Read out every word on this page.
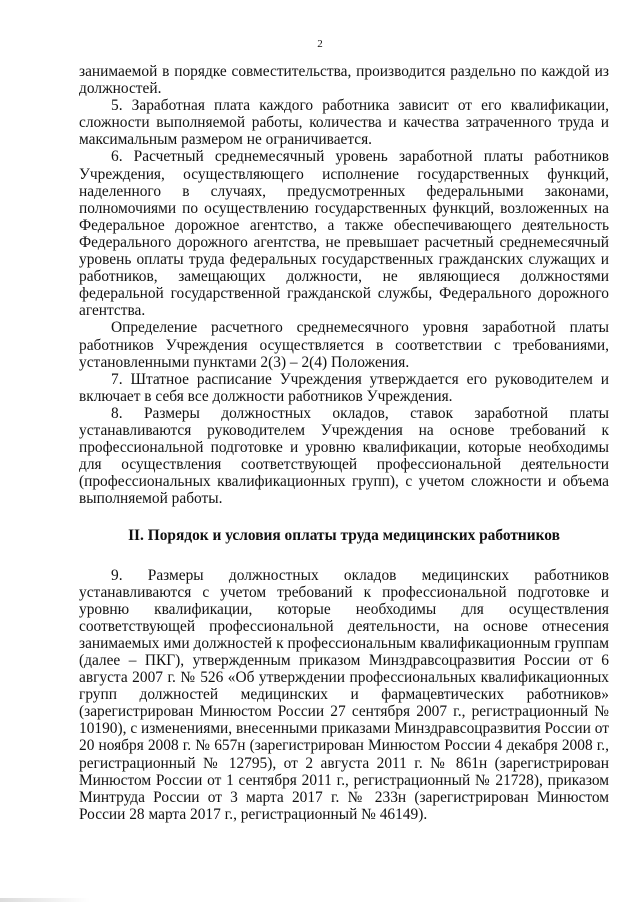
2

занимаемой в порядке совместительства, производится раздельно по каждой из должностей.

5. Заработная плата каждого работника зависит от его квалификации, сложности выполняемой работы, количества и качества затраченного труда и максимальным размером не ограничивается.

6. Расчетный среднемесячный уровень заработной платы работников Учреждения, осуществляющего исполнение государственных функций, наделенного в случаях, предусмотренных федеральными законами, полномочиями по осуществлению государственных функций, возложенных на Федеральное дорожное агентство, а также обеспечивающего деятельность Федерального дорожного агентства, не превышает расчетный среднемесячный уровень оплаты труда федеральных государственных гражданских служащих и работников, замещающих должности, не являющиеся должностями федеральной государственной гражданской службы, Федерального дорожного агентства.

Определение расчетного среднемесячного уровня заработной платы работников Учреждения осуществляется в соответствии с требованиями, установленными пунктами 2(3) – 2(4) Положения.

7. Штатное расписание Учреждения утверждается его руководителем и включает в себя все должности работников Учреждения.

8. Размеры должностных окладов, ставок заработной платы устанавливаются руководителем Учреждения на основе требований к профессиональной подготовке и уровню квалификации, которые необходимы для осуществления соответствующей профессиональной деятельности (профессиональных квалификационных групп), с учетом сложности и объема выполняемой работы.

II. Порядок и условия оплаты труда медицинских работников

9. Размеры должностных окладов медицинских работников устанавливаются с учетом требований к профессиональной подготовке и уровню квалификации, которые необходимы для осуществления соответствующей профессиональной деятельности, на основе отнесения занимаемых ими должностей к профессиональным квалификационным группам (далее – ПКГ), утвержденным приказом Минздравсоцразвития России от 6 августа 2007 г. № 526 «Об утверждении профессиональных квалификационных групп должностей медицинских и фармацевтических работников» (зарегистрирован Минюстом России 27 сентября 2007 г., регистрационный № 10190), с изменениями, внесенными приказами Минздравсоцразвития России от 20 ноября 2008 г. № 657н (зарегистрирован Минюстом России 4 декабря 2008 г., регистрационный № 12795), от 2 августа 2011 г. № 861н (зарегистрирован Минюстом России от 1 сентября 2011 г., регистрационный № 21728), приказом Минтруда России от 3 марта 2017 г. № 233н (зарегистрирован Минюстом России 28 марта 2017 г., регистрационный № 46149).
